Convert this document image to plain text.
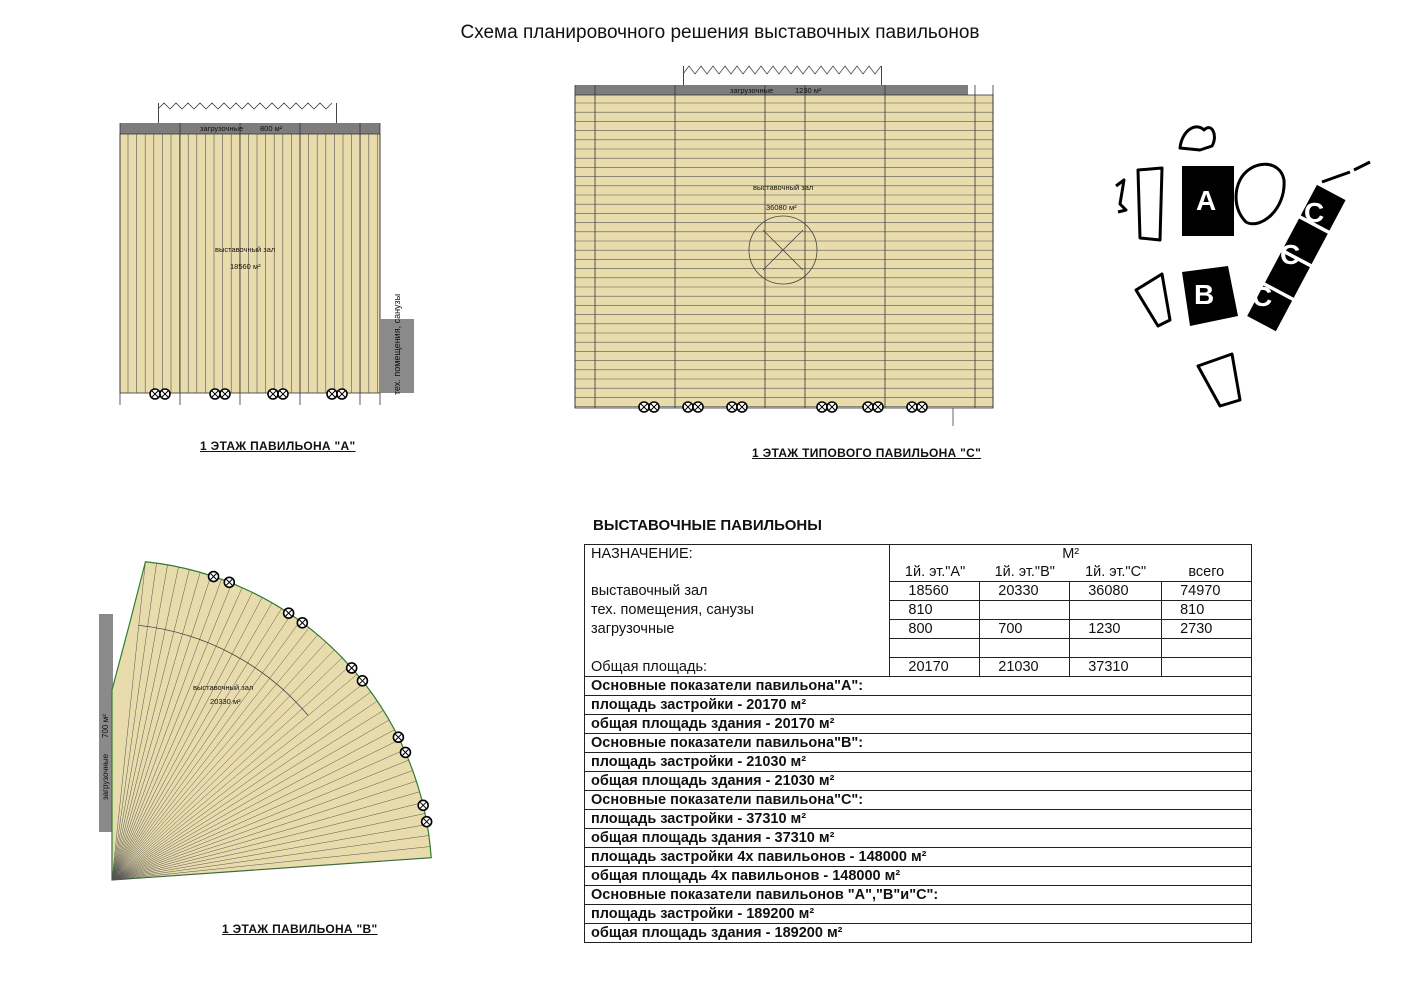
Схема планировочного решения выставочных павильонов
тех. помещения, санузы
загрузочные 800 м²
выставочный зал
18560 м²
1 ЭТАЖ ПАВИЛЬОНА "А"
загрузочные	1230 м²
выставочный зал
36080 м²
1 ЭТАЖ ТИПОВОГО ПАВИЛЬОНА "С"
A
B
C
C
C
C
загрузочные
700 м²
выставочный зал
20330 м²
1 ЭТАЖ ПАВИЛЬОНА "В"
ВЫСТАВОЧНЫЕ ПАВИЛЬОНЫ
НАЗНАЧЕНИЕ:	М²			
	1й. эт."А"	1й. эт."В"	1й. эт."С"	всего
выставочный зал	18560	20330	36080	74970
тех. помещения, санузы	810			810
загрузочные	800	700	1230	2730

Общая площадь:	20170	21030	37310	
Основные показатели павильона"А":				
площадь застройки - 20170 м²				
общая площадь здания - 20170 м²				
Основные показатели павильона"В":				
площадь застройки - 21030 м²				
общая площадь здания - 21030 м²				
Основные показатели павильона"С":				
площадь застройки - 37310 м²				
общая площадь здания - 37310 м²				
площадь застройки 4х павильонов - 148000 м²				
общая площадь 4х павильонов - 148000 м²				
Основные показатели павильонов "А","В"и"С":				
площадь застройки - 189200 м²				
общая площадь здания - 189200 м²				
